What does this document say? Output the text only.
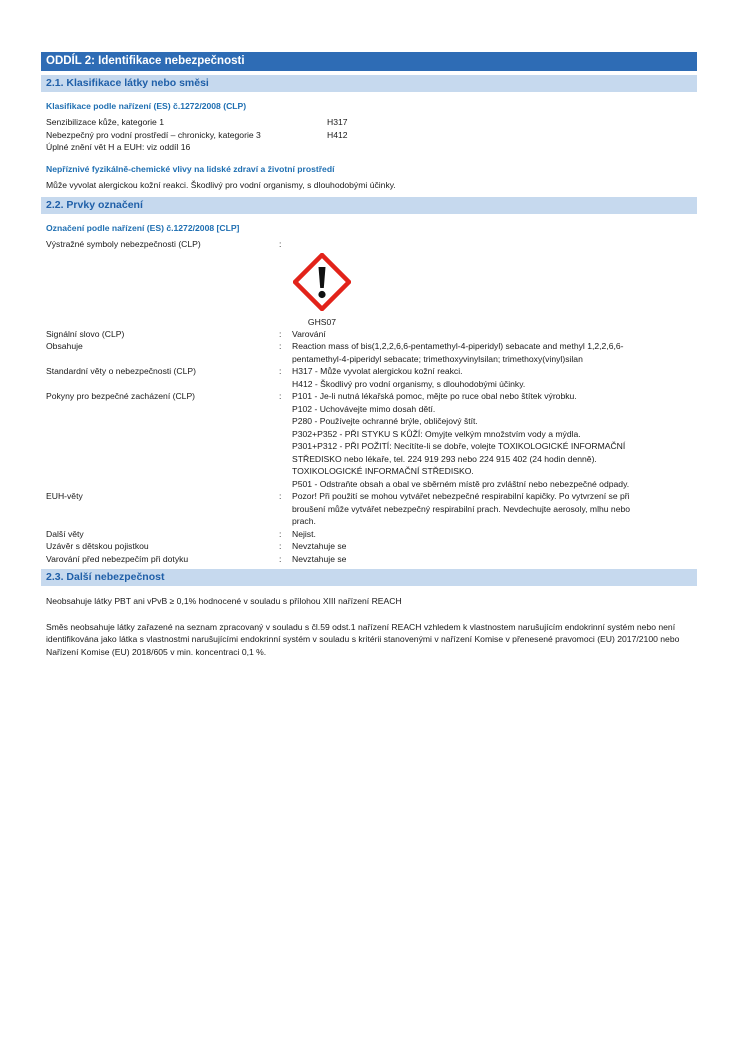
ODDÍL 2: Identifikace nebezpečnosti
2.1. Klasifikace látky nebo směsi
Klasifikace podle nařízení (ES) č.1272/2008 (CLP)
Senzibilizace kůže, kategorie 1	H317
Nebezpečný pro vodní prostředí – chronicky, kategorie 3	H412
Úplné znění vět H a EUH: viz oddíl 16
Nepříznivé fyzikálně-chemické vlivy na lidské zdraví a životní prostředí
Může vyvolat alergickou kožní reakci. Škodlivý pro vodní organismy, s dlouhodobými účinky.
2.2. Prvky označení
Označení podle nařízení (ES) č.1272/2008 [CLP]
Výstražné symboly nebezpečnosti (CLP)	:
GHS07
Signální slovo (CLP)	:	Varování
Obsahuje	:	Reaction mass of bis(1,2,2,6,6-pentamethyl-4-piperidyl) sebacate and methyl 1,2,2,6,6-
pentamethyl-4-piperidyl sebacate; trimethoxyvinylsilan; trimethoxy(vinyl)silan
Standardní věty o nebezpečnosti (CLP)	:	H317 - Může vyvolat alergickou kožní reakci.
H412 - Škodlivý pro vodní organismy, s dlouhodobými účinky.
Pokyny pro bezpečné zacházení (CLP)	:	P101 - Je-li nutná lékařská pomoc, mějte po ruce obal nebo štítek výrobku.
P102 - Uchovávejte mimo dosah dětí.
P280 - Používejte ochranné brýle, obličejový štít.
P302+P352 - PŘI STYKU S KŮŽÍ: Omyjte velkým množstvím vody a mýdla.
P301+P312 - PŘI POŽITÍ: Necítíte-li se dobře, volejte TOXIKOLOGICKÉ INFORMAČNÍ
STŘEDISKO nebo lékaře, tel. 224 919 293 nebo 224 915 402 (24 hodin denně).
TOXIKOLOGICKÉ INFORMAČNÍ STŘEDISKO.
P501 - Odstraňte obsah a obal ve sběrném místě pro zvláštní nebo nebezpečné odpady.
EUH-věty	:	Pozor! Při použití se mohou vytvářet nebezpečné respirabilní kapičky. Po vytvrzení se při
broušení může vytvářet nebezpečný respirabilní prach. Nevdechujte aerosoly, mlhu nebo
prach.
Další věty	:	Nejist.
Uzávěr s dětskou pojistkou	:	Nevztahuje se
Varování před nebezpečím při dotyku	:	Nevztahuje se
2.3. Další nebezpečnost
Neobsahuje látky PBT ani vPvB ≥ 0,1% hodnocené v souladu s přílohou XIII nařízení REACH
Směs neobsahuje látky zařazené na seznam zpracovaný v souladu s čl.59 odst.1 nařízení REACH vzhledem k vlastnostem narušujícím endokrinní systém nebo není identifikována jako látka s vlastnostmi narušujícími endokrinní systém v souladu s kritérii stanovenými v nařízení Komise v přenesené pravomoci (EU) 2017/2100 nebo Nařízení Komise (EU) 2018/605 v min. koncentraci 0,1 %.
